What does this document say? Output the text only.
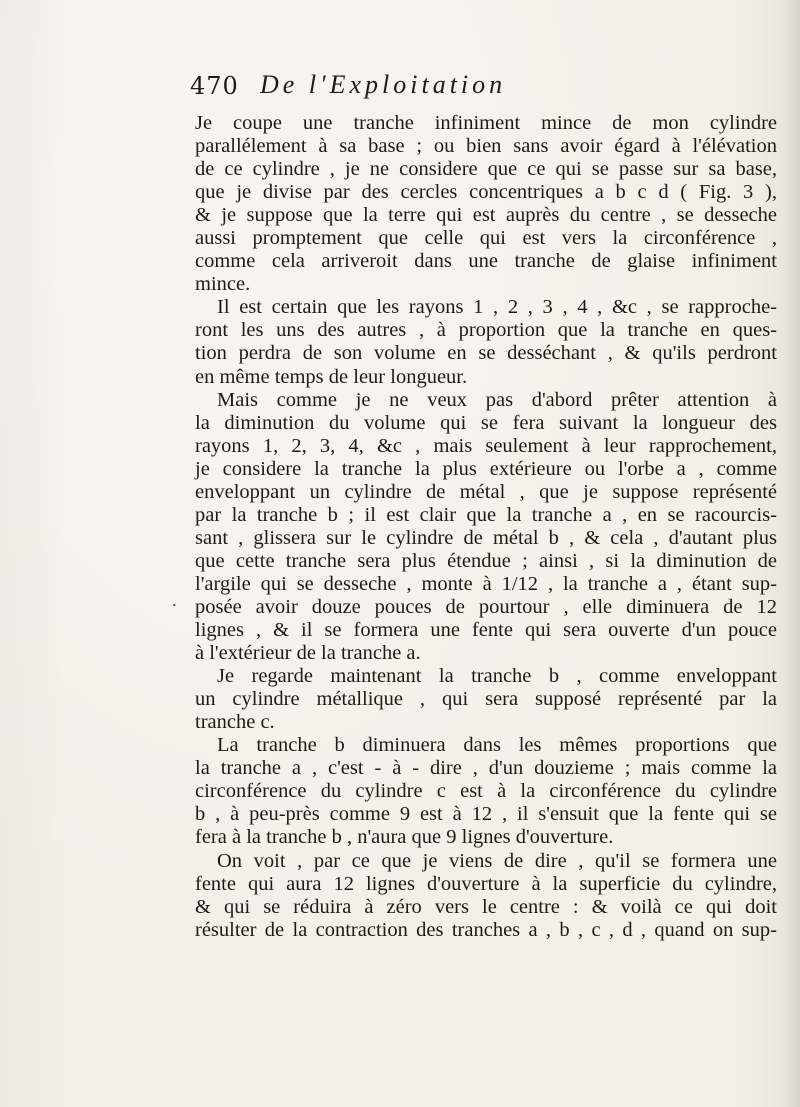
470 De l'Exploitation
.
Je coupe une tranche infiniment mince de mon cylindre
parallélement à sa base ; ou bien sans avoir égard à l'élévation
de ce cylindre , je ne considere que ce qui se passe sur sa base,
que je divise par des cercles concentriques a b c d ( Fig. 3 ),
& je suppose que la terre qui est auprès du centre , se desseche
aussi promptement que celle qui est vers la circonférence ,
comme cela arriveroit dans une tranche de glaise infiniment
mince.
Il est certain que les rayons 1 , 2 , 3 , 4 , &c , se rapproche-
ront les uns des autres , à proportion que la tranche en ques-
tion perdra de son volume en se desséchant , & qu'ils perdront
en même temps de leur longueur.
Mais comme je ne veux pas d'abord prêter attention à
la diminution du volume qui se fera suivant la longueur des
rayons 1, 2, 3, 4, &c , mais seulement à leur rapprochement,
je considere la tranche la plus extérieure ou l'orbe a , comme
enveloppant un cylindre de métal , que je suppose représenté
par la tranche b ; il est clair que la tranche a , en se racourcis-
sant , glissera sur le cylindre de métal b , & cela , d'autant plus
que cette tranche sera plus étendue ; ainsi , si la diminution de
l'argile qui se desseche , monte à 1/12 , la tranche a , étant sup-
posée avoir douze pouces de pourtour , elle diminuera de 12
lignes , & il se formera une fente qui sera ouverte d'un pouce
à l'extérieur de la tranche a.
Je regarde maintenant la tranche b , comme enveloppant
un cylindre métallique , qui sera supposé représenté par la
tranche c.
La tranche b diminuera dans les mêmes proportions que
la tranche a , c'est - à - dire , d'un douzieme ; mais comme la
circonférence du cylindre c est à la circonférence du cylindre
b , à peu-près comme 9 est à 12 , il s'ensuit que la fente qui se
fera à la tranche b , n'aura que 9 lignes d'ouverture.
On voit , par ce que je viens de dire , qu'il se formera une
fente qui aura 12 lignes d'ouverture à la superficie du cylindre,
& qui se réduira à zéro vers le centre : & voilà ce qui doit
résulter de la contraction des tranches a , b , c , d , quand on sup-
